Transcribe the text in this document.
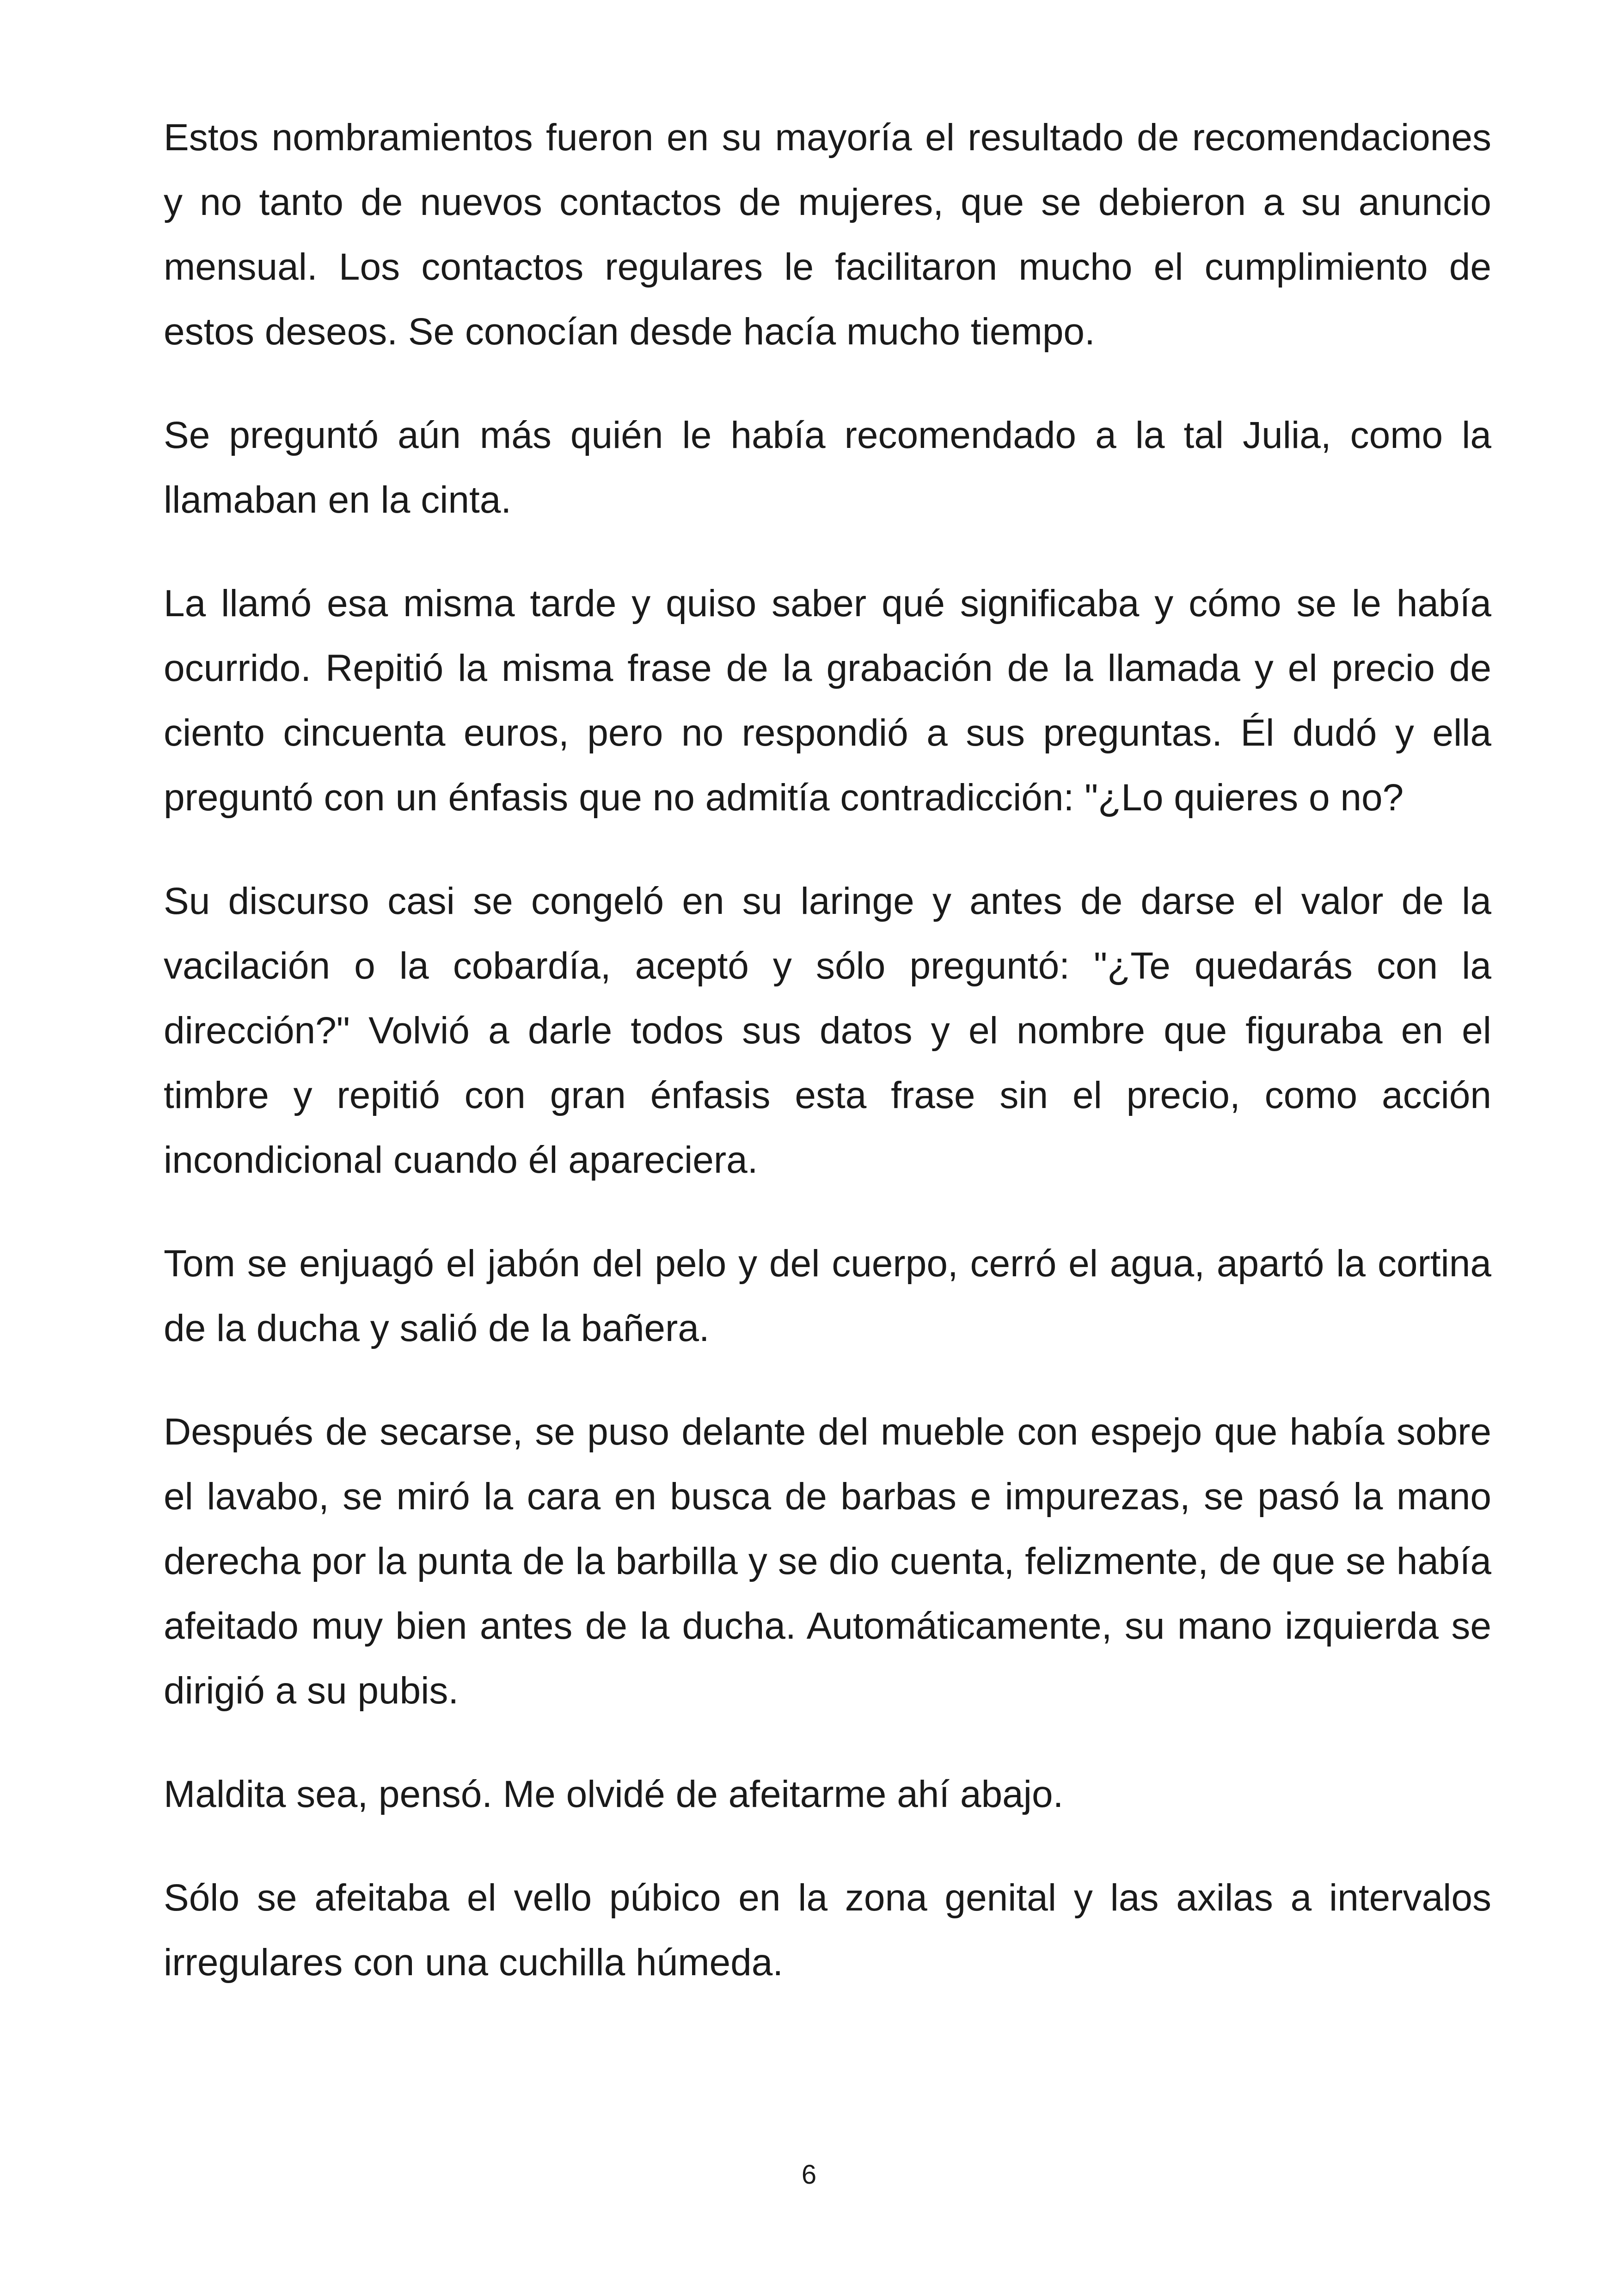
Estos nombramientos fueron en su mayoría el resultado de recomendaciones y no tanto de nuevos contactos de mujeres, que se debieron a su anuncio mensual. Los contactos regulares le facilitaron mucho el cumplimiento de estos deseos. Se conocían desde hacía mucho tiempo.

Se preguntó aún más quién le había recomendado a la tal Julia, como la llamaban en la cinta.

La llamó esa misma tarde y quiso saber qué significaba y cómo se le había ocurrido. Repitió la misma frase de la grabación de la llamada y el precio de ciento cincuenta euros, pero no respondió a sus preguntas. Él dudó y ella preguntó con un énfasis que no admitía contradicción: "¿Lo quieres o no?

Su discurso casi se congeló en su laringe y antes de darse el valor de la vacilación o la cobardía, aceptó y sólo preguntó: "¿Te quedarás con la dirección?" Volvió a darle todos sus datos y el nombre que figuraba en el timbre y repitió con gran énfasis esta frase sin el precio, como acción incondicional cuando él apareciera.

Tom se enjuagó el jabón del pelo y del cuerpo, cerró el agua, apartó la cortina de la ducha y salió de la bañera.

Después de secarse, se puso delante del mueble con espejo que había sobre el lavabo, se miró la cara en busca de barbas e impurezas, se pasó la mano derecha por la punta de la barbilla y se dio cuenta, felizmente, de que se había afeitado muy bien antes de la ducha. Automáticamente, su mano izquierda se dirigió a su pubis.

Maldita sea, pensó. Me olvidé de afeitarme ahí abajo.

Sólo se afeitaba el vello púbico en la zona genital y las axilas a intervalos irregulares con una cuchilla húmeda.

6
